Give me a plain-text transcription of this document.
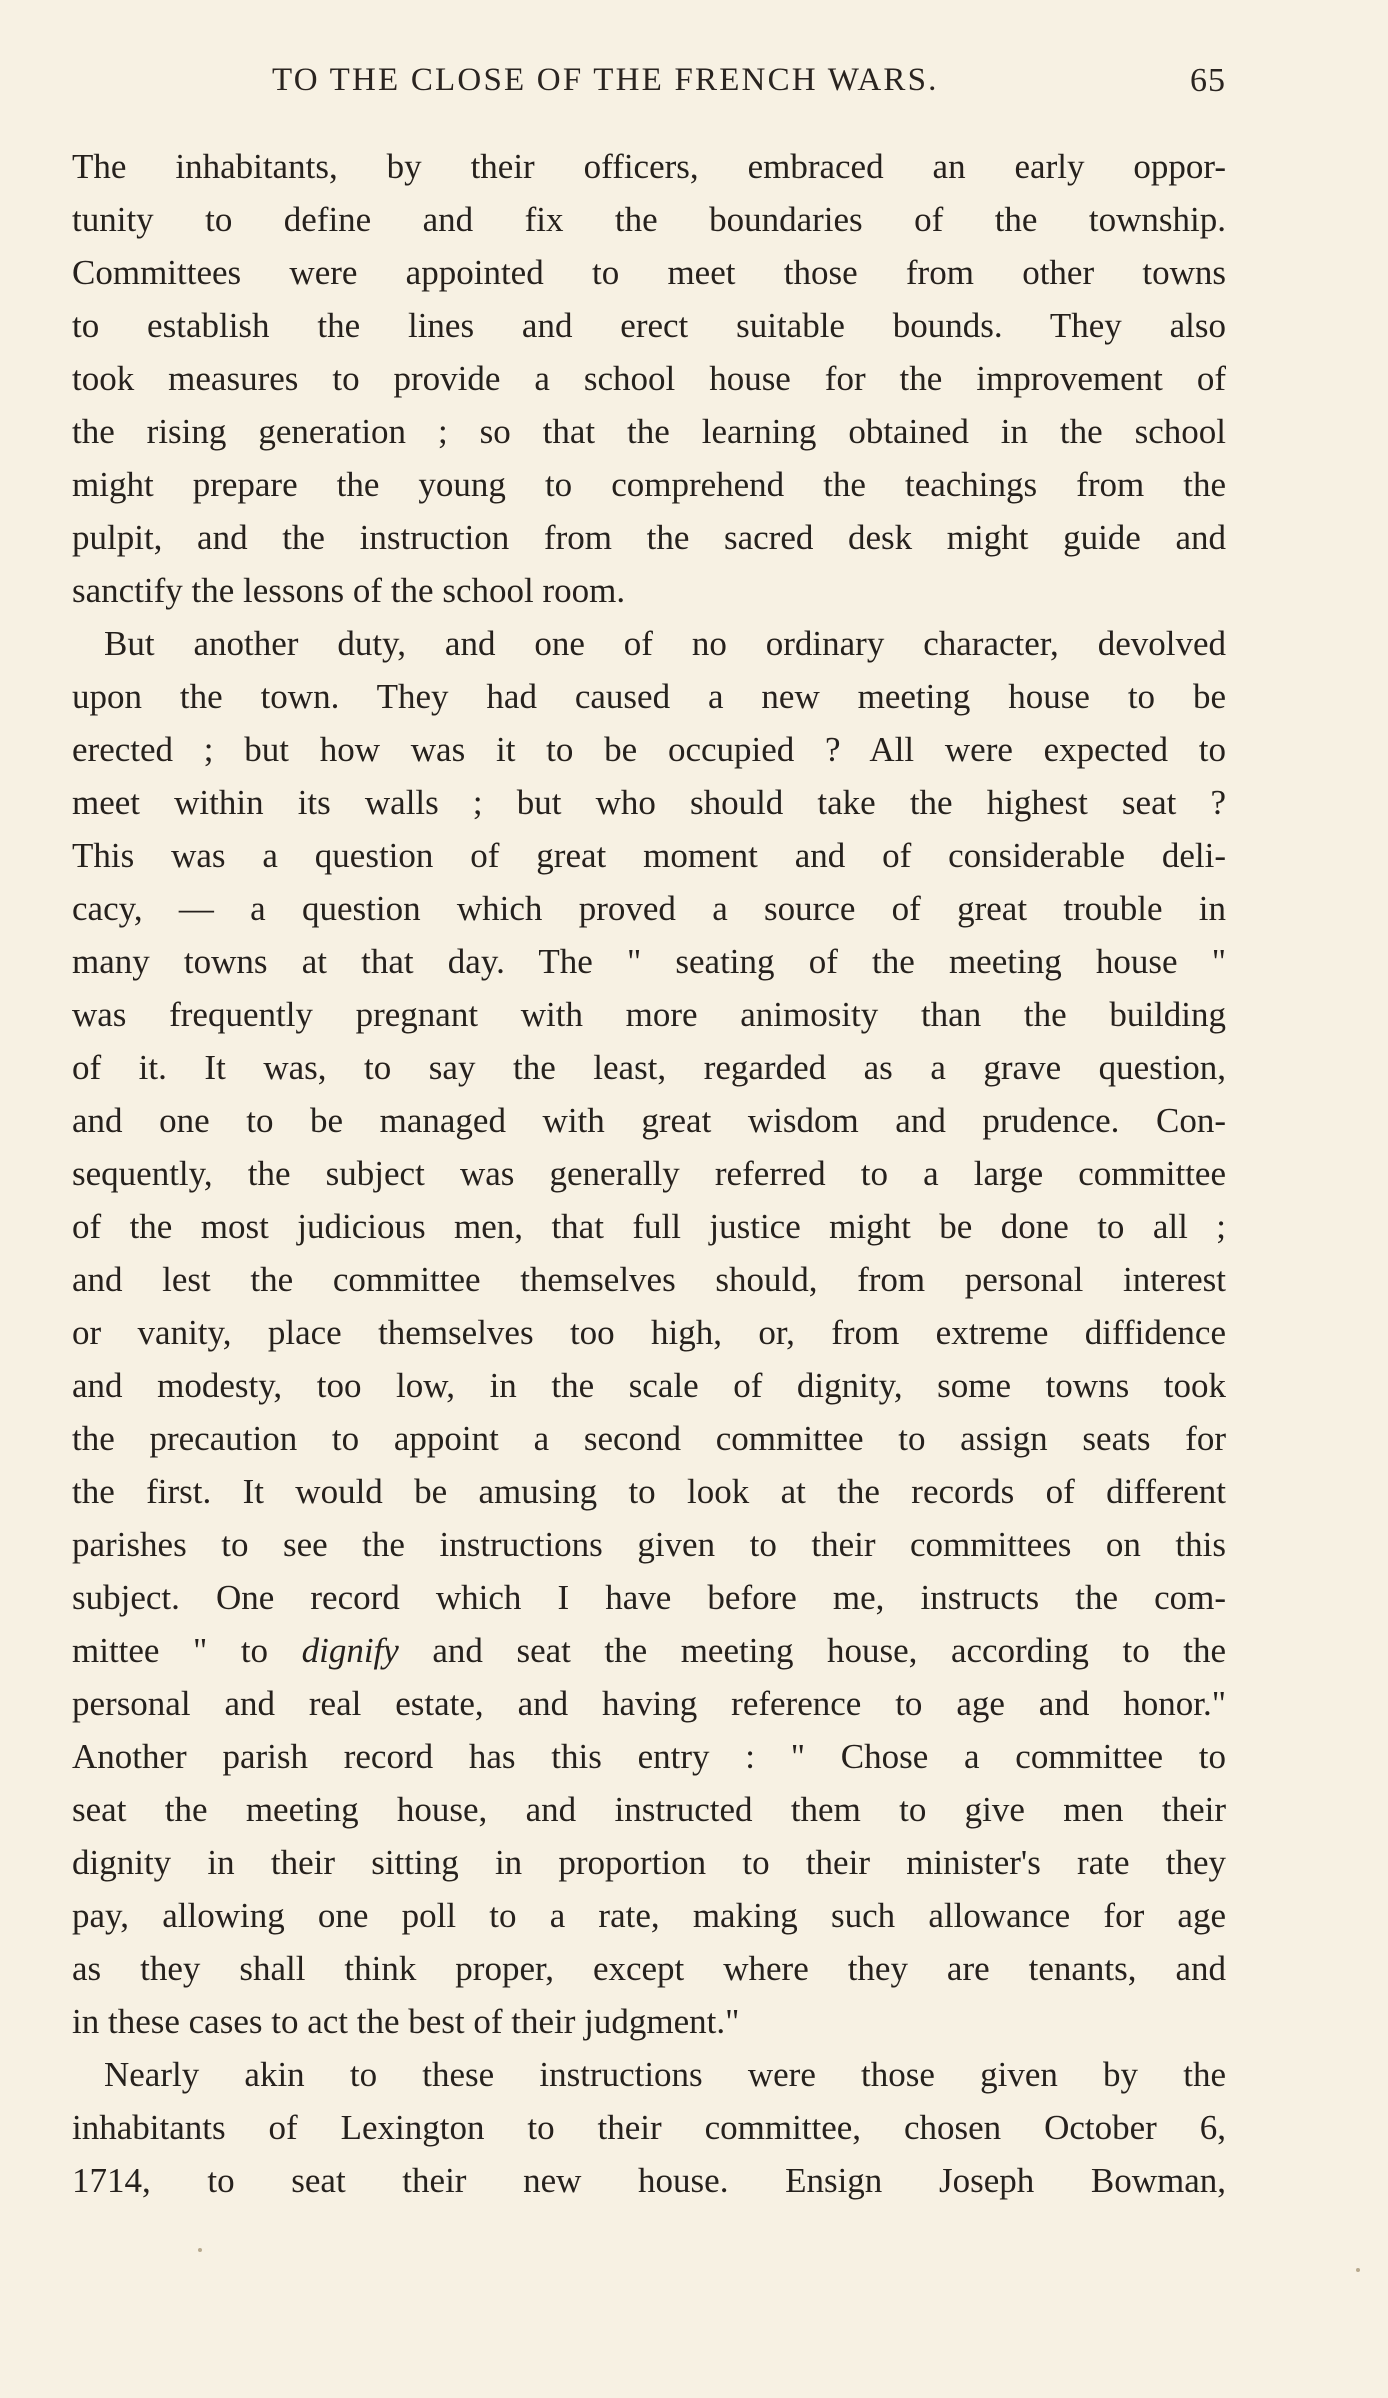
TO THE CLOSE OF THE FRENCH WARS.	65
The inhabitants, by their officers, embraced an early oppor-
tunity to define and fix the boundaries of the township.
Committees were appointed to meet those from other towns
to establish the lines and erect suitable bounds. They also
took measures to provide a school house for the improvement of
the rising generation ; so that the learning obtained in the school
might prepare the young to comprehend the teachings from the
pulpit, and the instruction from the sacred desk might guide and
sanctify the lessons of the school room.
But another duty, and one of no ordinary character, devolved
upon the town. They had caused a new meeting house to be
erected ; but how was it to be occupied ? All were expected to
meet within its walls ; but who should take the highest seat ?
This was a question of great moment and of considerable deli-
cacy, — a question which proved a source of great trouble in
many towns at that day. The " seating of the meeting house "
was frequently pregnant with more animosity than the building
of it. It was, to say the least, regarded as a grave question,
and one to be managed with great wisdom and prudence. Con-
sequently, the subject was generally referred to a large committee
of the most judicious men, that full justice might be done to all ;
and lest the committee themselves should, from personal interest
or vanity, place themselves too high, or, from extreme diffidence
and modesty, too low, in the scale of dignity, some towns took
the precaution to appoint a second committee to assign seats for
the first. It would be amusing to look at the records of different
parishes to see the instructions given to their committees on this
subject. One record which I have before me, instructs the com-
mittee " to dignify and seat the meeting house, according to the
personal and real estate, and having reference to age and honor."
Another parish record has this entry : " Chose a committee to
seat the meeting house, and instructed them to give men their
dignity in their sitting in proportion to their minister's rate they
pay, allowing one poll to a rate, making such allowance for age
as they shall think proper, except where they are tenants, and
in these cases to act the best of their judgment."
Nearly akin to these instructions were those given by the
inhabitants of Lexington to their committee, chosen October 6,
1714, to seat their new house. Ensign Joseph Bowman,
